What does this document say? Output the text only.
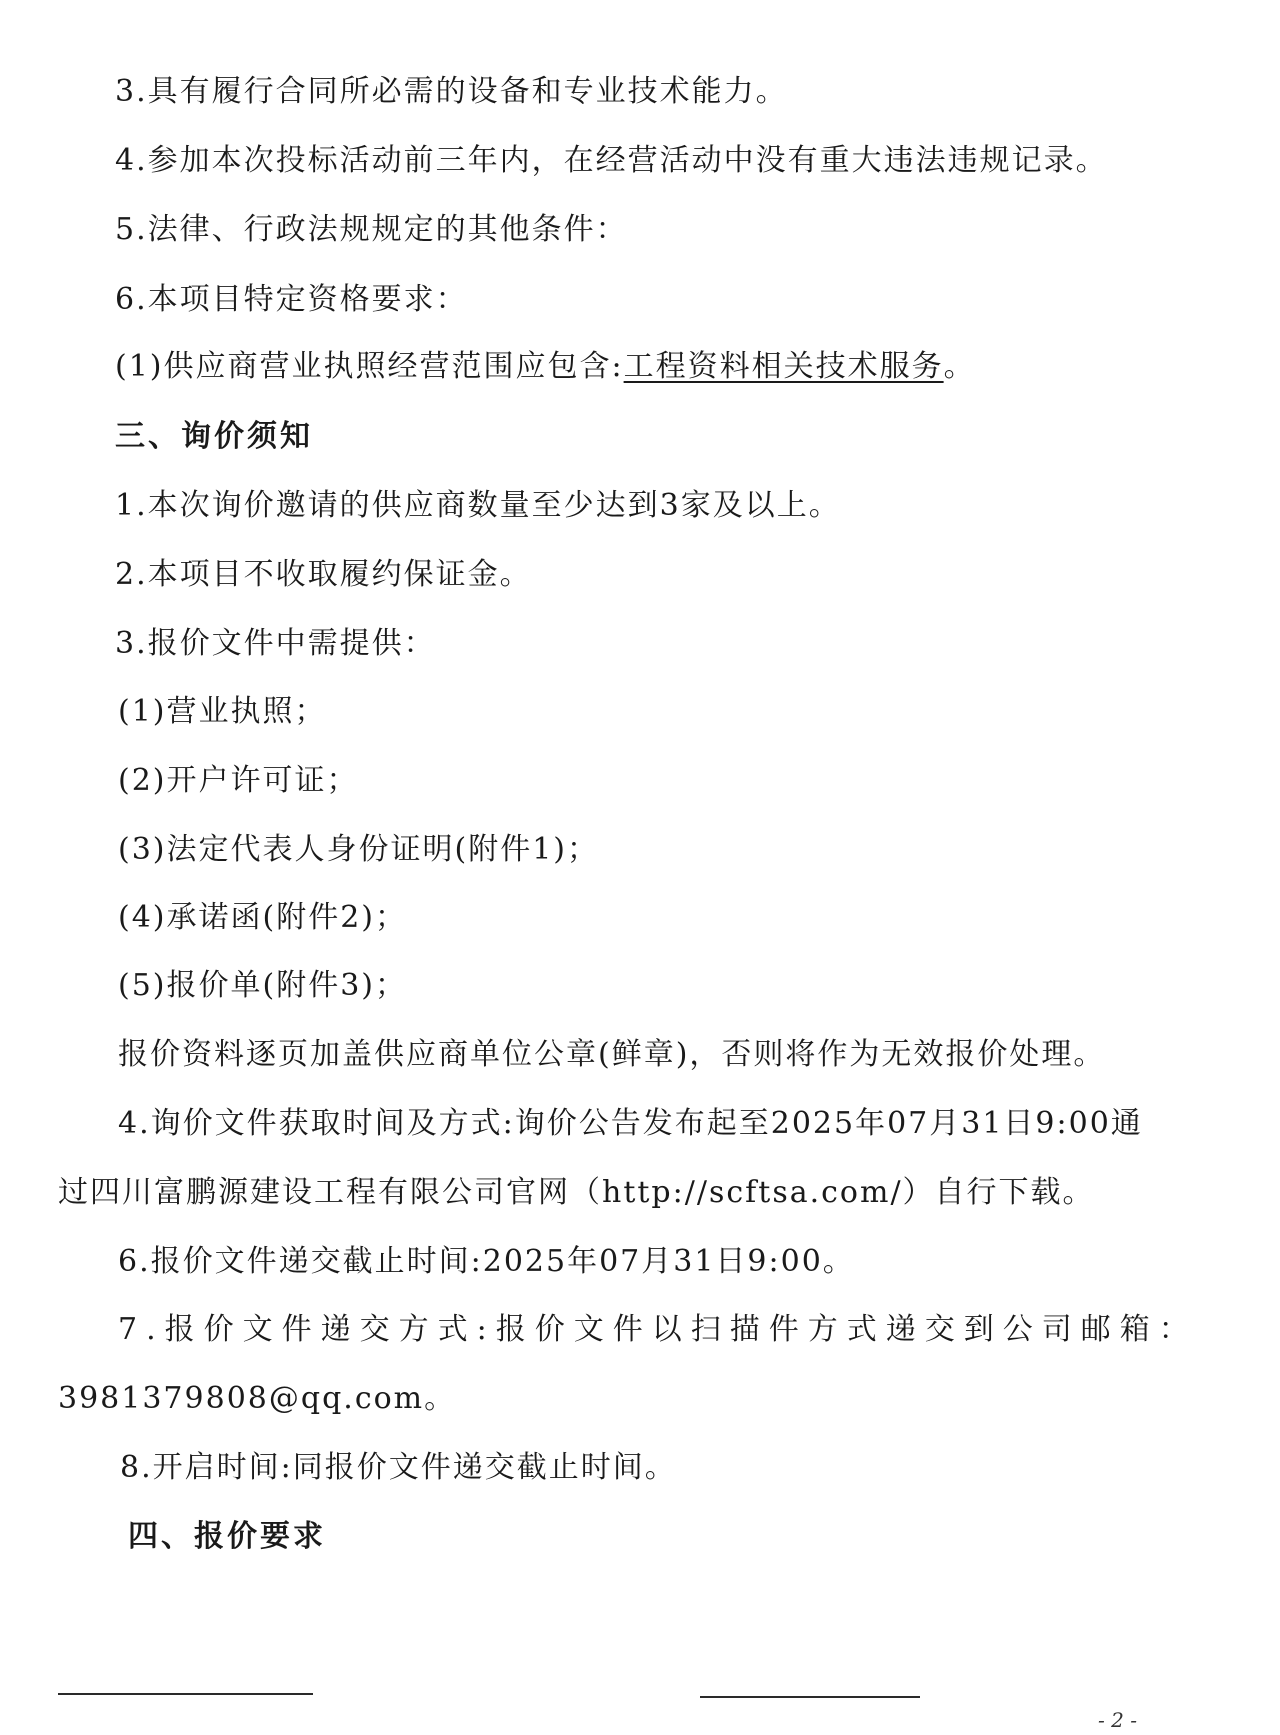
3.具有履行合同所必需的设备和专业技术能力。
4.参加本次投标活动前三年内，在经营活动中没有重大违法违规记录。
5.法律、行政法规规定的其他条件：
6.本项目特定资格要求：
(1)供应商营业执照经营范围应包含:工程资料相关技术服务。
三、询价须知
1.本次询价邀请的供应商数量至少达到3家及以上。
2.本项目不收取履约保证金。
3.报价文件中需提供：
(1)营业执照；
(2)开户许可证；
(3)法定代表人身份证明(附件1)；
(4)承诺函(附件2)；
(5)报价单(附件3)；
报价资料逐页加盖供应商单位公章(鲜章)，否则将作为无效报价处理。
4.询价文件获取时间及方式:询价公告发布起至2025年07月31日9:00通
过四川富鹏源建设工程有限公司官网（http://scftsa.com/）自行下载。
6.报价文件递交截止时间:2025年07月31日9:00。
7.报价文件递交方式:报价文件以扫描件方式递交到公司邮箱：
3981379808@qq.com。
8.开启时间:同报价文件递交截止时间。
四、报价要求
- 2 -
